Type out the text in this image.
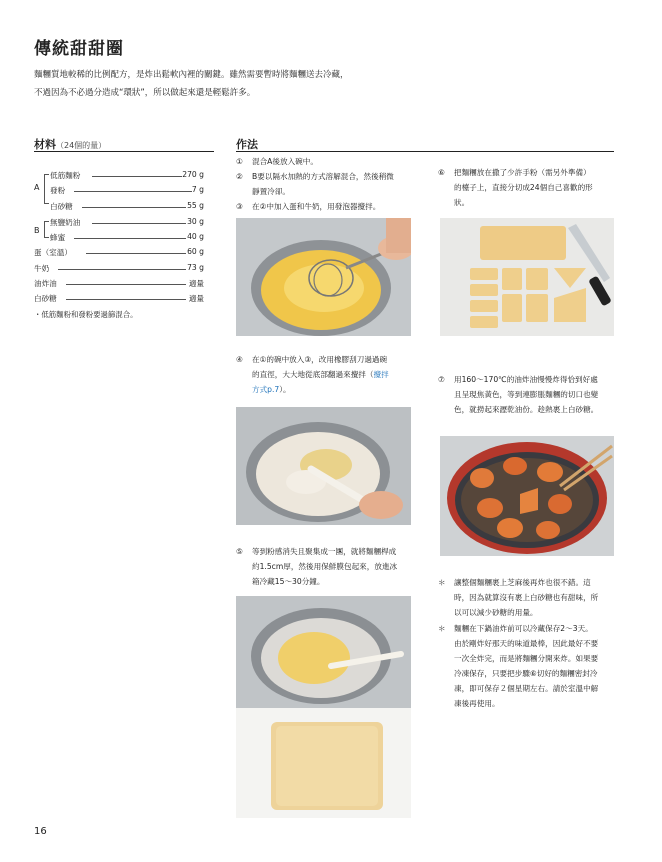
傳統甜甜圈
麵糰質地較稀的比例配方，是炸出鬆軟內裡的關鍵。雖然需要暫時將麵糰送去冷藏，
不過因為不必過分造成“環狀”，所以做起來還是輕鬆許多。
材料（24個的量）
A
低筋麵粉	270 g
發粉	7 g
白砂糖	55 g
B
無鹽奶油	30 g
蜂蜜	40 g
蛋（室溫）	60 g
牛奶	73 g
油炸油	適量
白砂糖	適量
・低筋麵粉和發粉要過篩混合。
作法
①	混合A後放入碗中。
② B要以隔水加熱的方式溶解混合，然後稍微
靜置冷卻。
③	在②中加入蛋和牛奶，用發泡器攪拌。
④ 在①的碗中放入③，改用橡膠刮刀過過碗
的直徑，大大地從底部翻過來攪拌（攪拌
方式p.7）。
⑤ 等到粉感消失且聚集成一團，就將麵糰桿成
約1.5cm厚，然後用保鮮膜包起來，放進冰
箱冷藏15〜30分鐘。
⑥ 把麵糰放在撒了少許手粉（需另外準備）
的檯子上，直接分切成24個自己喜歡的形
狀。
⑦ 用160〜170℃的油炸油慢慢炸得恰到好處
且呈現焦黃色，等到連膨脹麵糰的切口也變
色，就撈起來瀝乾油份。趁熱裹上白砂糖。
＊ 讓整個麵糰裹上芝麻後再炸也很不錯。這
時，因為就算沒有裹上白砂糖也有甜味，所
以可以減少砂糖的用量。
＊ 麵糰在下鍋油炸前可以冷藏保存2〜3天。
由於剛炸好那天的味道最棒，因此最好不要
一次全炸完，而是將麵糰分開來炸。如果要
冷凍保存，只要把步驟⑥切好的麵糰密封冷
凍，即可保存２個星期左右。請於室溫中解
凍後再使用。
16
